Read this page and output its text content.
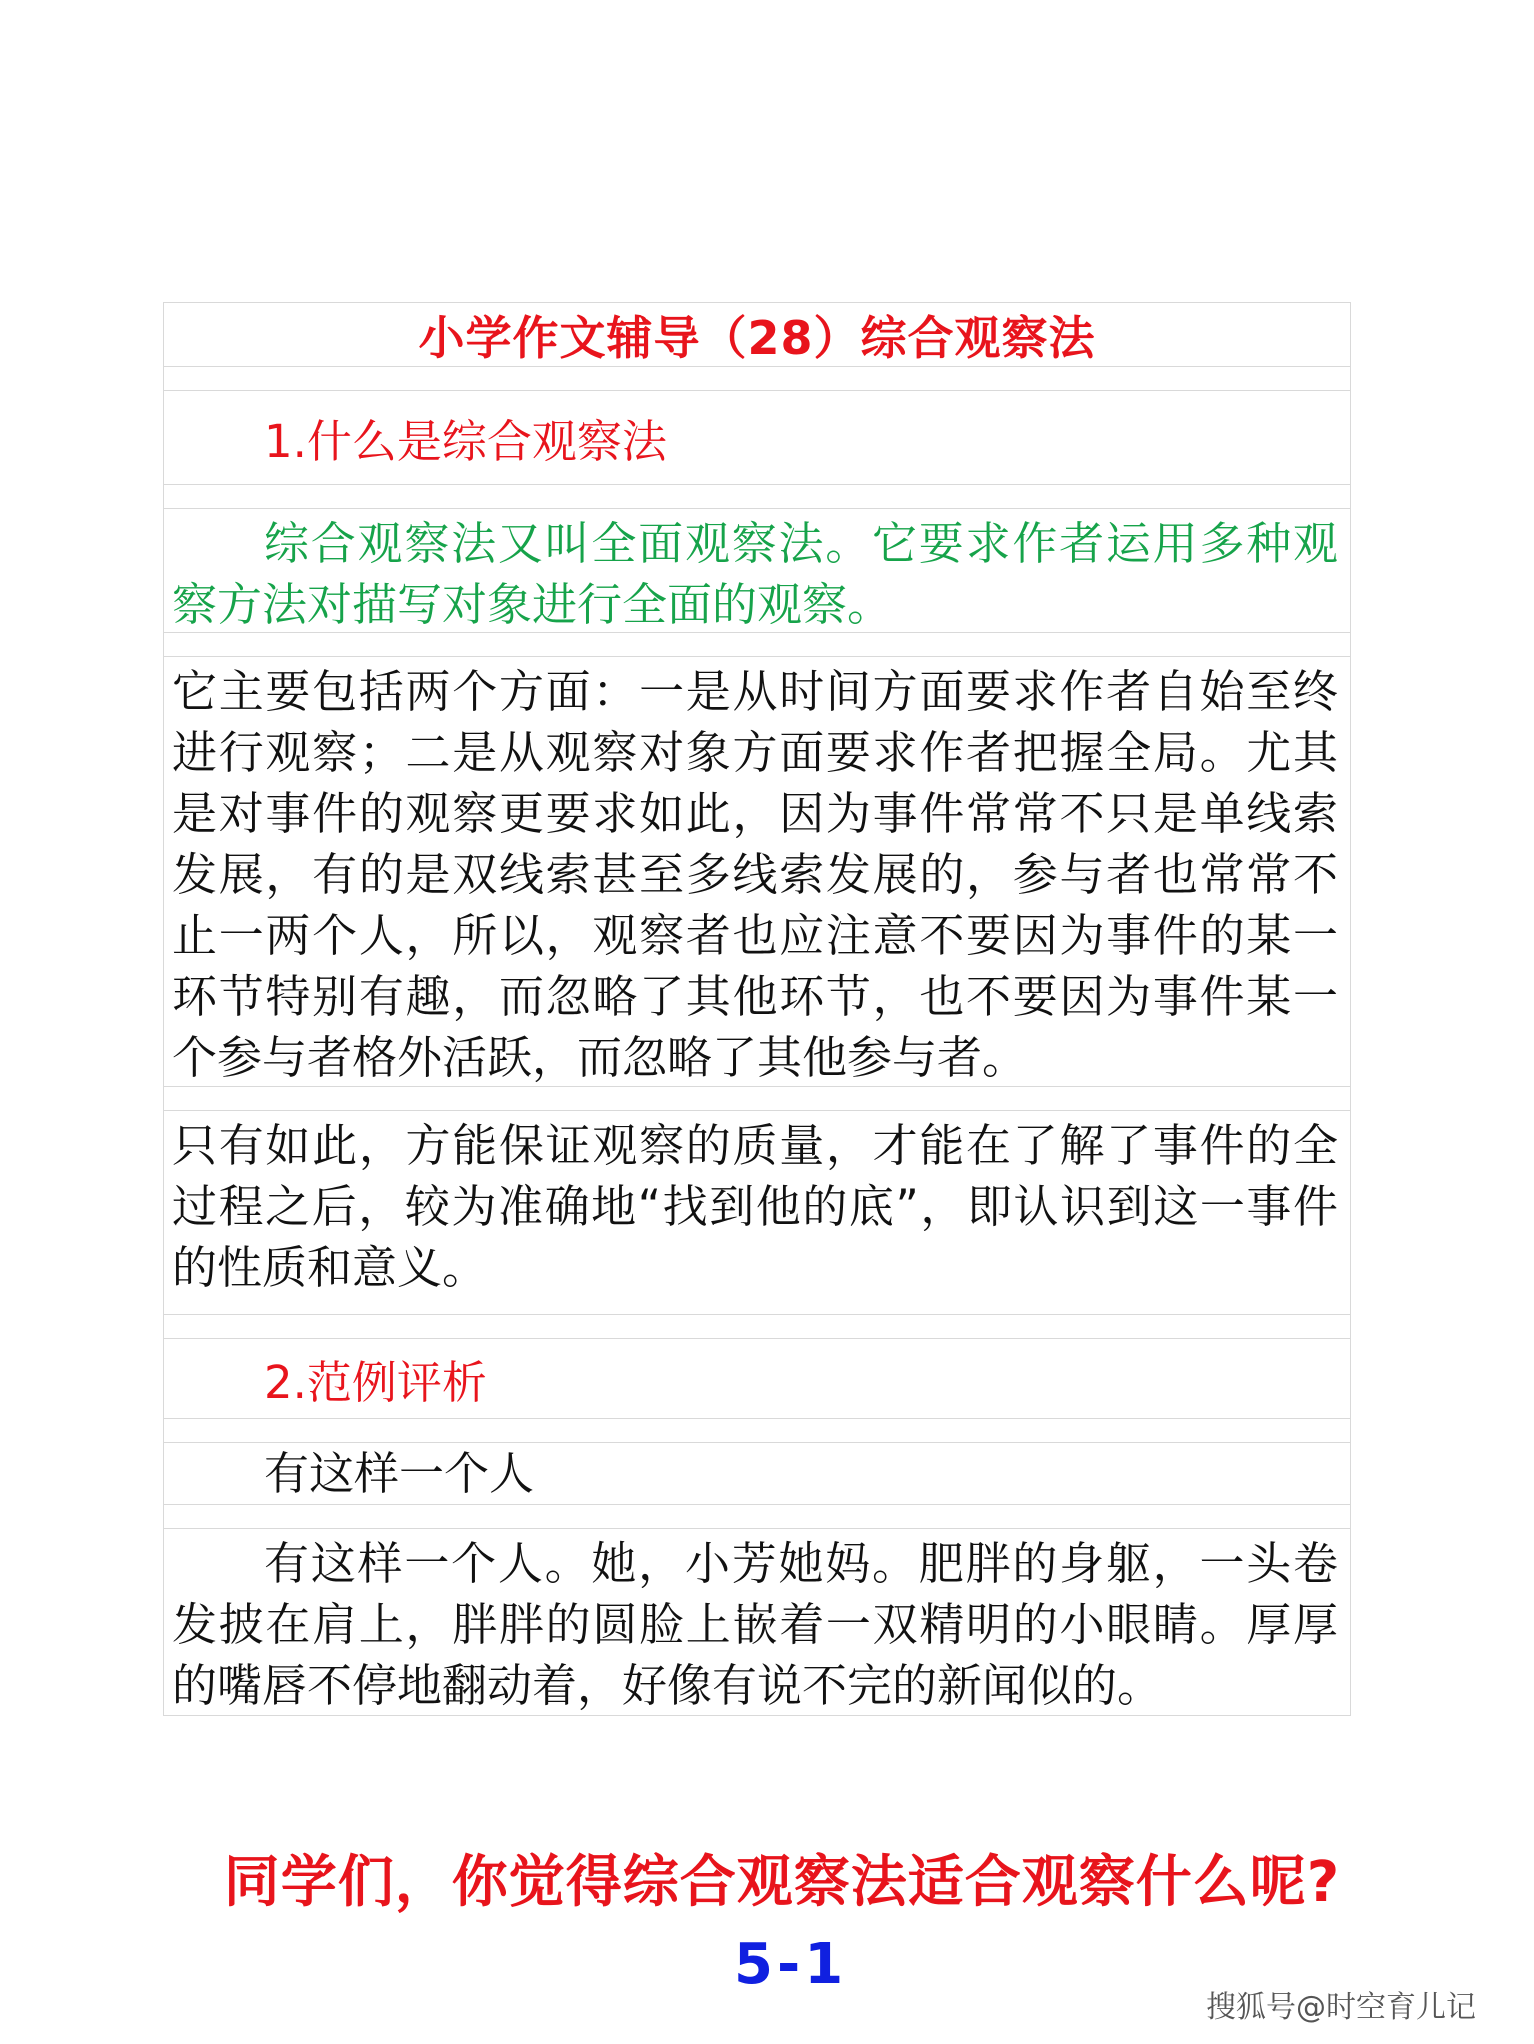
小学作文辅导（28）综合观察法
1.什么是综合观察法
综合观察法又叫全面观察法。它要求作者运用多种观察方法对描写对象进行全面的观察。
它主要包括两个方面：一是从时间方面要求作者自始至终进行观察；二是从观察对象方面要求作者把握全局。尤其是对事件的观察更要求如此，因为事件常常不只是单线索发展，有的是双线索甚至多线索发展的，参与者也常常不止一两个人，所以，观察者也应注意不要因为事件的某一环节特别有趣，而忽略了其他环节，也不要因为事件某一个参与者格外活跃，而忽略了其他参与者。
只有如此，方能保证观察的质量，才能在了解了事件的全过程之后，较为准确地“找到他的底”，即认识到这一事件的性质和意义。
2.范例评析
有这样一个人
有这样一个人。她，小芳她妈。肥胖的身躯，一头卷发披在肩上，胖胖的圆脸上嵌着一双精明的小眼睛。厚厚的嘴唇不停地翻动着，好像有说不完的新闻似的。
同学们，你觉得综合观察法适合观察什么呢?
5-1
搜狐号@时空育儿记
